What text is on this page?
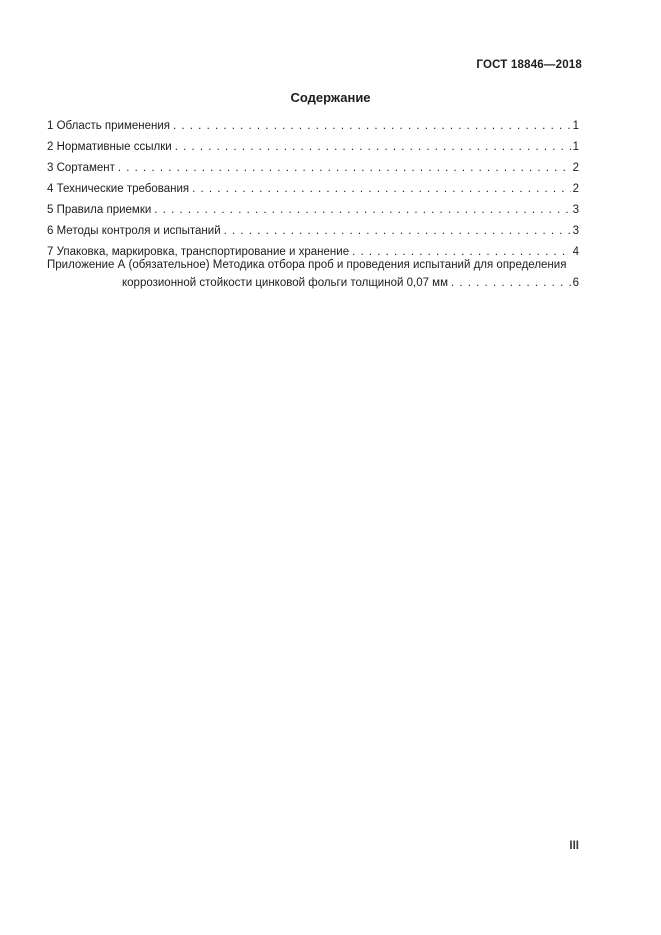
ГОСТ 18846—2018
Содержание
1 Область применения . . .	1
2 Нормативные ссылки . . .	1
3 Сортамент . . .	2
4 Технические требования . . .	2
5 Правила приемки . . .	3
6 Методы контроля и испытаний . . .	3
7 Упаковка, маркировка, транспортирование и хранение . . .	4
Приложение А (обязательное) Методика отбора проб и проведения испытаний для определения
коррозионной стойкости цинковой фольги толщиной 0,07 мм . . .	6
III
